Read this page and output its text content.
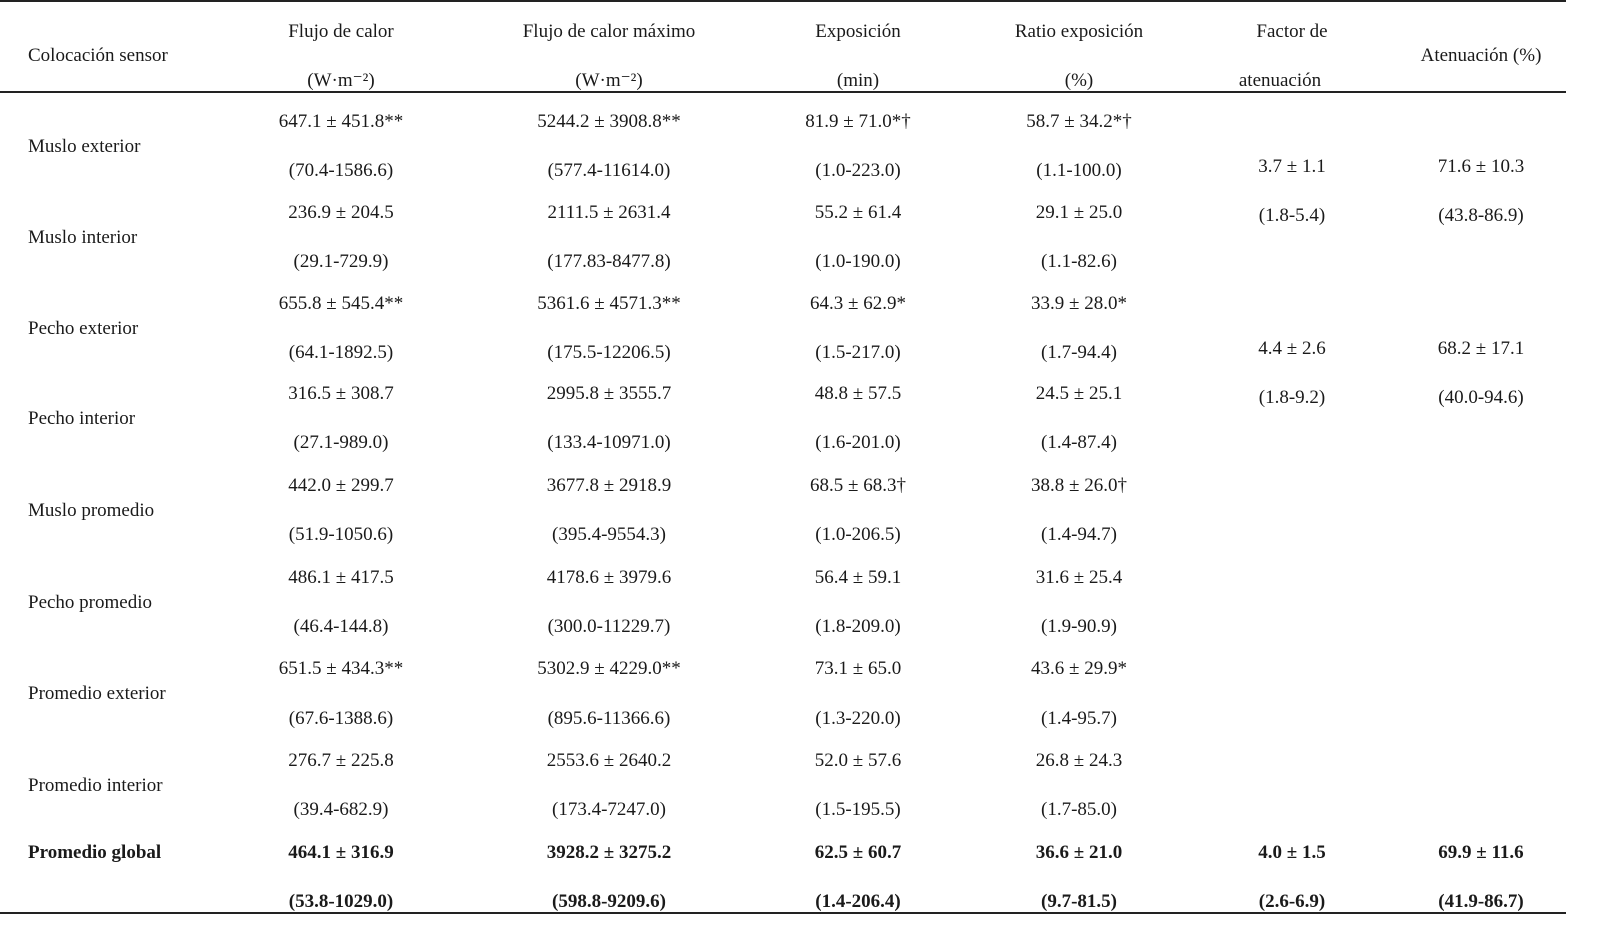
Colocación sensor
Flujo de calor
(W·m⁻²)
Flujo de calor máximo
(W·m⁻²)
Exposición
(min)
Ratio exposición
(%)
Factor de
atenuación
Atenuación (%)
Muslo exterior
647.1 ± 451.8**
(70.4-1586.6)
5244.2 ± 3908.8**
(577.4-11614.0)
81.9 ± 71.0*†
(1.0-223.0)
58.7 ± 34.2*†
(1.1-100.0)
Muslo interior
236.9 ± 204.5
(29.1-729.9)
2111.5 ± 2631.4
(177.83-8477.8)
55.2 ± 61.4
(1.0-190.0)
29.1 ± 25.0
(1.1-82.6)
Pecho exterior
655.8 ± 545.4**
(64.1-1892.5)
5361.6 ± 4571.3**
(175.5-12206.5)
64.3 ± 62.9*
(1.5-217.0)
33.9 ± 28.0*
(1.7-94.4)
Pecho interior
316.5 ± 308.7
(27.1-989.0)
2995.8 ± 3555.7
(133.4-10971.0)
48.8 ± 57.5
(1.6-201.0)
24.5 ± 25.1
(1.4-87.4)
Muslo promedio
442.0 ± 299.7
(51.9-1050.6)
3677.8 ± 2918.9
(395.4-9554.3)
68.5 ± 68.3†
(1.0-206.5)
38.8 ± 26.0†
(1.4-94.7)
Pecho promedio
486.1 ± 417.5
(46.4-144.8)
4178.6 ± 3979.6
(300.0-11229.7)
56.4 ± 59.1
(1.8-209.0)
31.6 ± 25.4
(1.9-90.9)
Promedio exterior
651.5 ± 434.3**
(67.6-1388.6)
5302.9 ± 4229.0**
(895.6-11366.6)
73.1 ± 65.0
(1.3-220.0)
43.6 ± 29.9*
(1.4-95.7)
Promedio interior
276.7 ± 225.8
(39.4-682.9)
2553.6 ± 2640.2
(173.4-7247.0)
52.0 ± 57.6
(1.5-195.5)
26.8 ± 24.3
(1.7-85.0)
Promedio global	464.1 ± 316.9
(53.8-1029.0)
3928.2 ± 3275.2
(598.8-9209.6)
62.5 ± 60.7
(1.4-206.4)
36.6 ± 21.0
(9.7-81.5)
4.0 ± 1.5
(2.6-6.9)
69.9 ± 11.6
(41.9-86.7)
3.7 ± 1.1
(1.8-5.4)
71.6 ± 10.3
(43.8-86.9)
4.4 ± 2.6
(1.8-9.2)
68.2 ± 17.1
(40.0-94.6)
